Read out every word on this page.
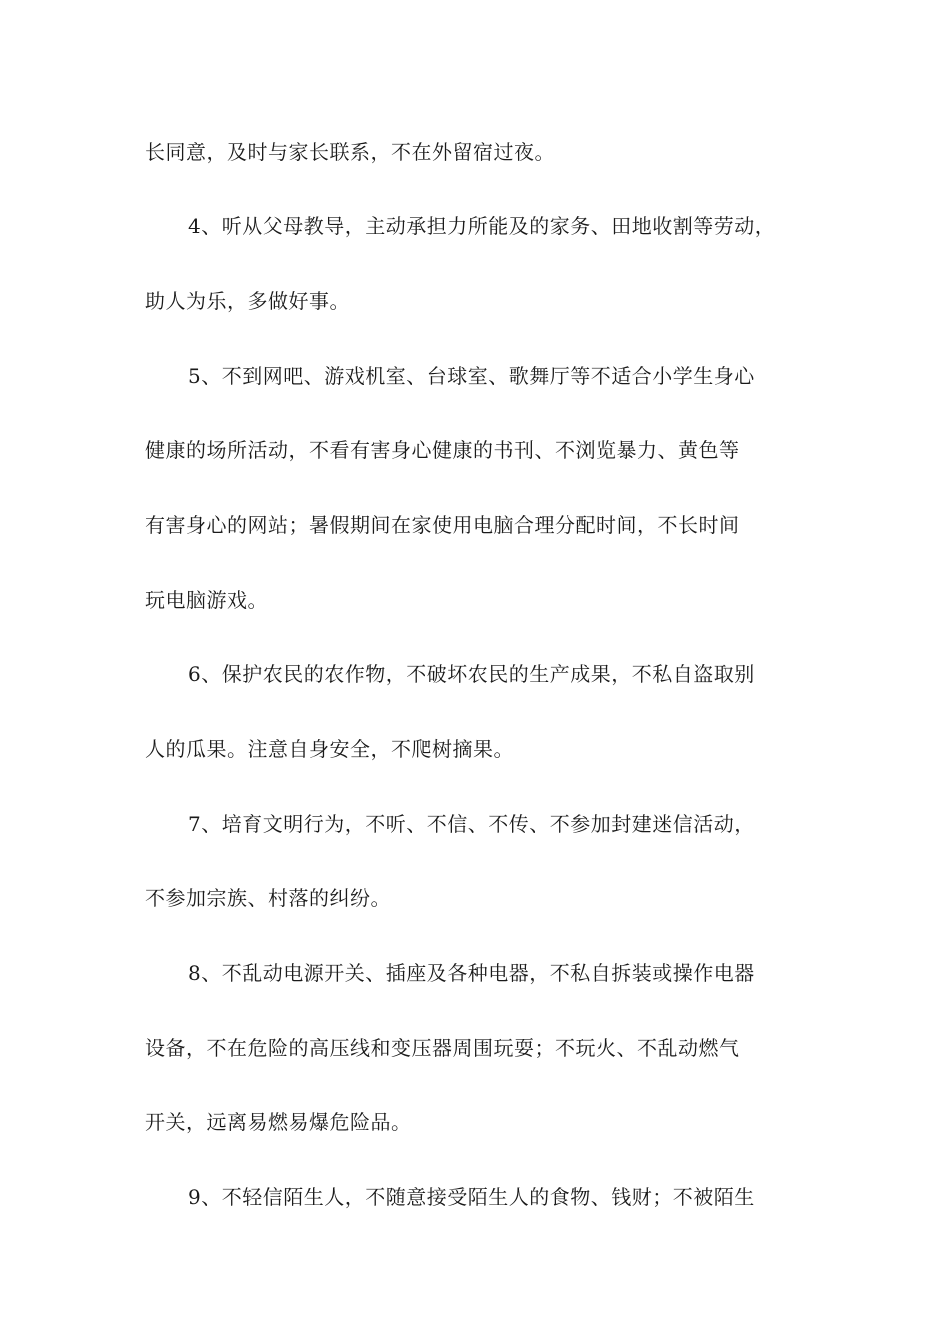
长同意，及时与家长联系，不在外留宿过夜。
4、听从父母教导，主动承担力所能及的家务、田地收割等劳动，
助人为乐，多做好事。
5、不到网吧、游戏机室、台球室、歌舞厅等不适合小学生身心
健康的场所活动，不看有害身心健康的书刊、不浏览暴力、黄色等
有害身心的网站；暑假期间在家使用电脑合理分配时间，不长时间
玩电脑游戏。
6、保护农民的农作物，不破坏农民的生产成果，不私自盗取别
人的瓜果。注意自身安全，不爬树摘果。
7、培育文明行为，不听、不信、不传、不参加封建迷信活动，
不参加宗族、村落的纠纷。
8、不乱动电源开关、插座及各种电器，不私自拆装或操作电器
设备，不在危险的高压线和变压器周围玩耍；不玩火、不乱动燃气
开关，远离易燃易爆危险品。
9、不轻信陌生人，不随意接受陌生人的食物、钱财；不被陌生
